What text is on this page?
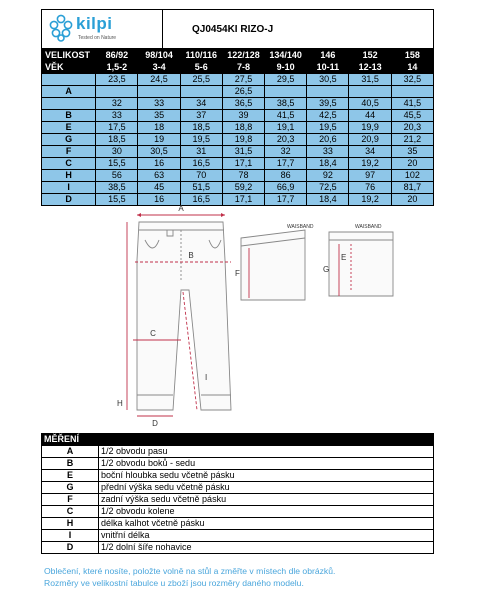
kilpi
Tested on Nature
QJ0454KI RIZO-J
VELIKOST	86/92	98/104	110/116	122/128	134/140	146	152	158
VĚK	1,5-2	3-4	5-6	7-8	9-10	10-11	12-13	14
	23,5	24,5	25,5	27,5	29,5	30,5	31,5	32,5
A				26,5				
	32	33	34	36,5	38,5	39,5	40,5	41,5
B	33	35	37	39	41,5	42,5	44	45,5
E	17,5	18	18,5	18,8	19,1	19,5	19,9	20,3
G	18,5	19	19,5	19,8	20,3	20,6	20,9	21,2
F	30	30,5	31	31,5	32	33	34	35
C	15,5	16	16,5	17,1	17,7	18,4	19,2	20
H	56	63	70	78	86	92	97	102
I	38,5	45	51,5	59,2	66,9	72,5	76	81,7
D	15,5	16	16,5	17,1	17,7	18,4	19,2	20
A
B
C
H
I
D
F
WAISBAND
G
E
WAISBAND
MĚŘENÍ	
A	1/2 obvodu pasu
B	1/2 obvodu boků - sedu
E	boční hloubka sedu včetně pásku
G	přední výška sedu včetně pásku
F	zadní výška sedu včetně pásku
C	1/2 obvodu kolene
H	délka kalhot včetně pásku
I	vnitřní délka
D	1/2 dolní šíře nohavice
Oblečení, které nosíte, položte volně na stůl a změřte v místech dle obrázků.
Rozměry ve velikostní tabulce u zboží jsou rozměry daného modelu.
